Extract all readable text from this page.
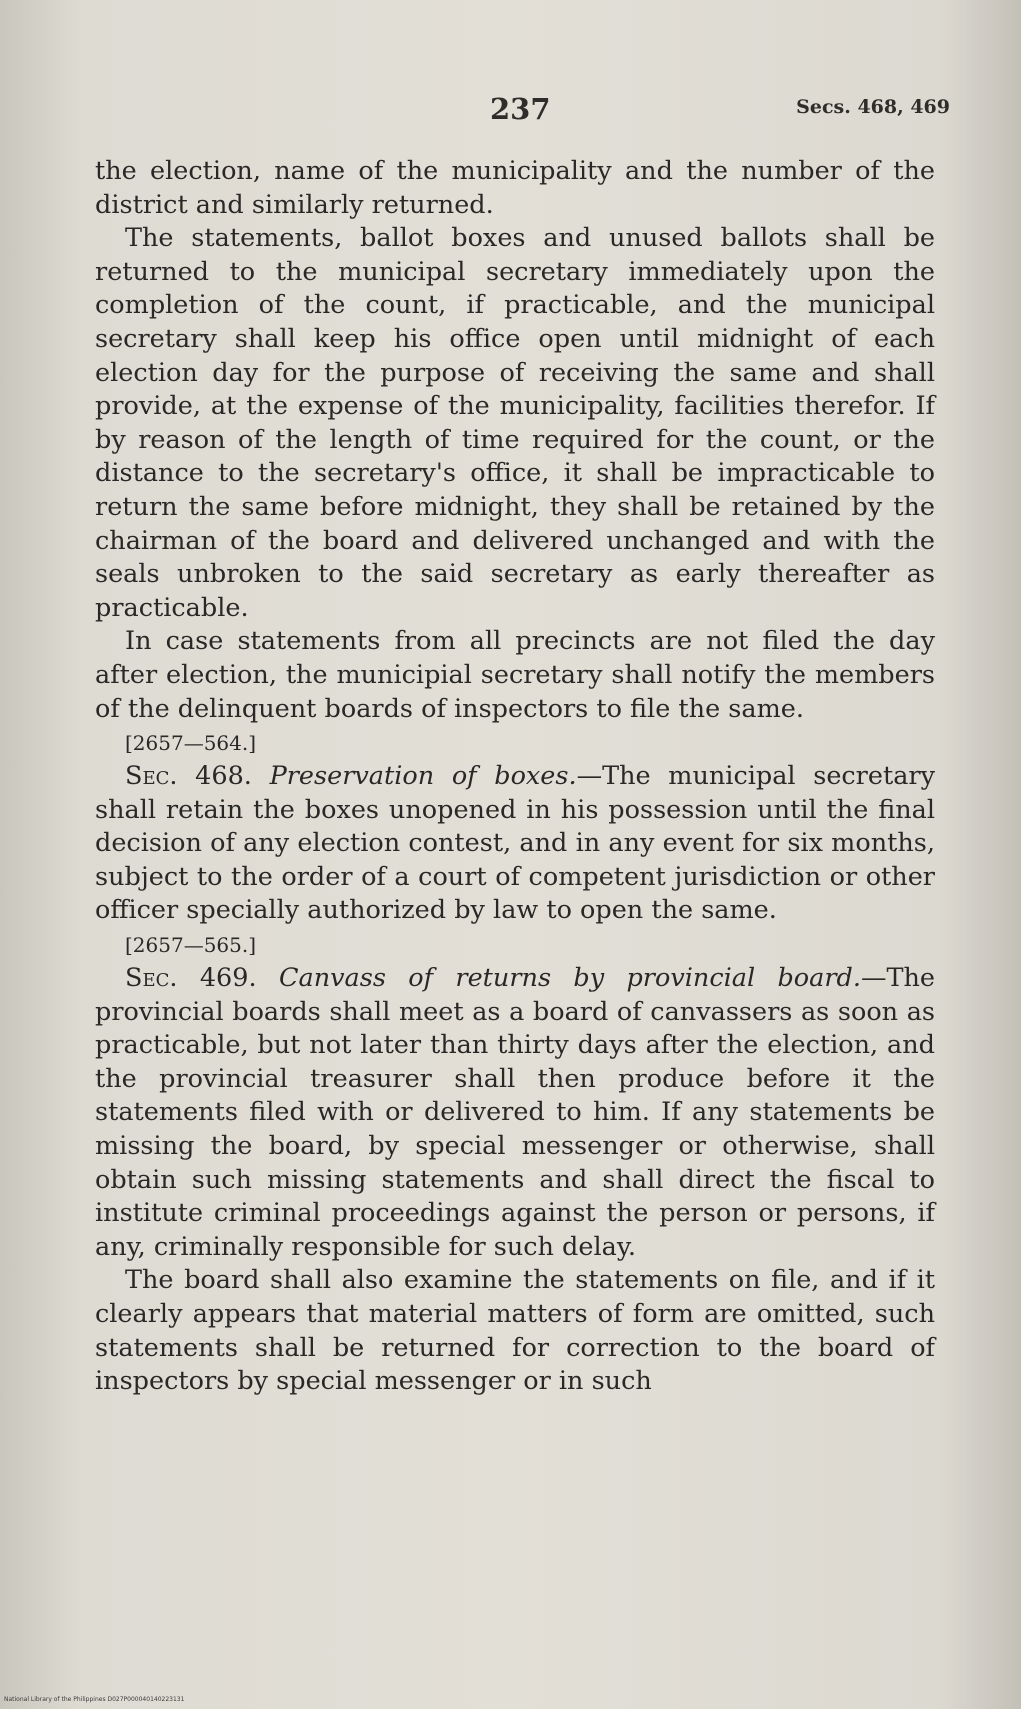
237	Secs. 468, 469

the election, name of the municipality and the number of the district and similarly returned.

The statements, ballot boxes and unused ballots shall be returned to the municipal secretary immediately upon the completion of the count, if practicable, and the municipal secretary shall keep his office open until midnight of each election day for the purpose of receiving the same and shall provide, at the expense of the municipality, facilities therefor. If by reason of the length of time required for the count, or the distance to the secretary's office, it shall be impracticable to return the same before midnight, they shall be retained by the chairman of the board and delivered unchanged and with the seals unbroken to the said secretary as early thereafter as practicable.

In case statements from all precincts are not filed the day after election, the municipial secretary shall notify the members of the delinquent boards of inspectors to file the same.

[2657—564.]

Sec. 468. Preservation of boxes.—The municipal secretary shall retain the boxes unopened in his possession until the final decision of any election contest, and in any event for six months, subject to the order of a court of competent jurisdiction or other officer specially authorized by law to open the same.

[2657—565.]

Sec. 469. Canvass of returns by provincial board.—The provincial boards shall meet as a board of canvassers as soon as practicable, but not later than thirty days after the election, and the provincial treasurer shall then produce before it the statements filed with or delivered to him. If any statements be missing the board, by special messenger or otherwise, shall obtain such missing statements and shall direct the fiscal to institute criminal proceedings against the person or persons, if any, criminally responsible for such delay.

The board shall also examine the statements on file, and if it clearly appears that material matters of form are omitted, such statements shall be returned for correction to the board of inspectors by special messenger or in such

National Library of the Philippines D027P000040140223131
